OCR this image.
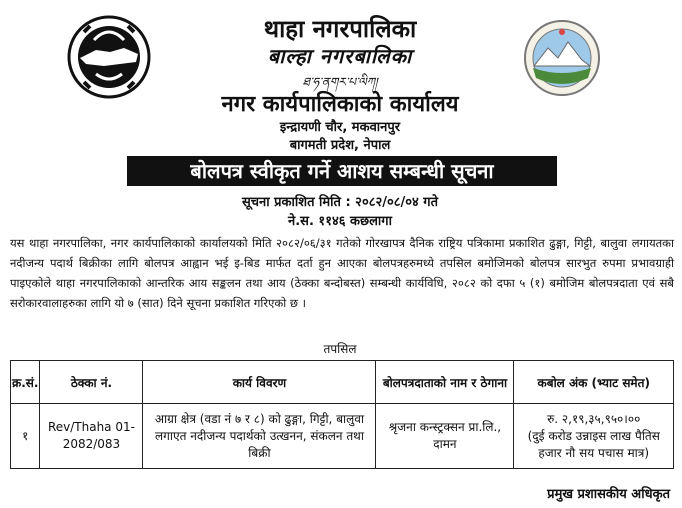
थाहा नगरपालिका
बाल्हा नगरबालिका
ཐ་ཧ་ནགར་པ་ལིཀ།
नगर कार्यपालिकाको कार्यालय
इन्द्रायणी चौर, मकवानपुर
बागमती प्रदेश, नेपाल
बोलपत्र स्वीकृत गर्ने आशय सम्बन्धी सूचना
सूचना प्रकाशित मिति : २०८२/०८/०४ गते
ने.स. ११४६ कछलागा
यस थाहा नगरपालिका, नगर कार्यपालिकाको कार्यालयको मिति २०८२/०६/३१ गतेको गोरखापत्र दैनिक राष्ट्रिय पत्रिकामा प्रकाशित ढुङ्गा, गिट्टी, बालुवा लगायतका नदीजन्य पदार्थ बिक्रीका लागि बोलपत्र आह्वान भई इ-बिड मार्फत दर्ता हुन आएका बोलपत्रहरुमध्ये तपसिल बमोजिमको बोलपत्र सारभुत रुपमा प्रभावग्राही पाइएकोले थाहा नगरपालिकाको आन्तरिक आय सङ्कलन तथा आय (ठेक्का बन्दोबस्त) सम्बन्धी कार्यविधि, २०८२ को दफा ५ (१) बमोजिम बोलपत्रदाता एवं सबै सरोकारवालाहरुका लागि यो ७ (सात) दिने सूचना प्रकाशित गरिएको छ ।
तपसिल
क्र.सं.	ठेक्का नं.	कार्य विवरण	बोलपत्रदाताको नाम र ठेगाना	कबोल अंक (भ्याट समेत)
१	Rev/Thaha 01-2082/083	आग्रा क्षेत्र (वडा नं ७ र ८) को ढुङ्गा, गिट्टी, बालुवा लगाएत नदीजन्य पदार्थको उत्खनन, संकलन तथा बिक्री	श्रृजना कन्स्ट्रक्सन प्रा.लि., दामन	रु. २,१९,३५,९५०।००
(दुई करोड उन्नाइस लाख पैतिस हजार नौ सय पचास मात्र)
प्रमुख प्रशासकीय अधिकृत
